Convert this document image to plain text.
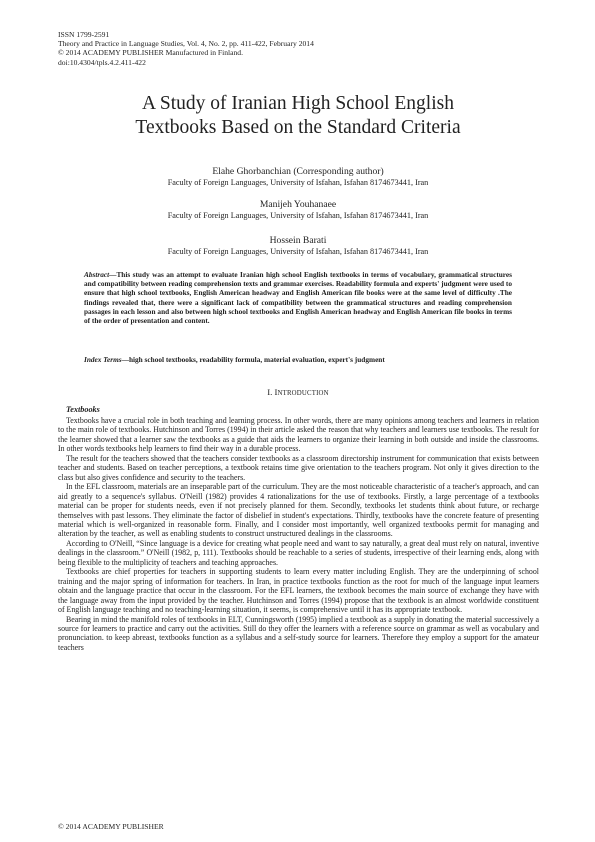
ISSN 1799-2591
Theory and Practice in Language Studies, Vol. 4, No. 2, pp. 411-422, February 2014
© 2014 ACADEMY PUBLISHER Manufactured in Finland.
doi:10.4304/tpls.4.2.411-422
A Study of Iranian High School English
Textbooks Based on the Standard Criteria
Elahe Ghorbanchian (Corresponding author)
Faculty of Foreign Languages, University of Isfahan, Isfahan 8174673441, Iran
Manijeh Youhanaee
Faculty of Foreign Languages, University of Isfahan, Isfahan 8174673441, Iran
Hossein Barati
Faculty of Foreign Languages, University of Isfahan, Isfahan 8174673441, Iran
Abstract—This study was an attempt to evaluate Iranian high school English textbooks in terms of vocabulary, grammatical structures and compatibility between reading comprehension texts and grammar exercises. Readability formula and experts' judgment were used to ensure that high school textbooks, English American headway and English American file books were at the same level of difficulty .The findings revealed that, there were a significant lack of compatibility between the grammatical structures and reading comprehension passages in each lesson and also between high school textbooks and English American headway and English American file books in terms of the order of presentation and content.
Index Terms—high school textbooks, readability formula, material evaluation, expert's judgment
I. INTRODUCTION
Textbooks

Textbooks have a crucial role in both teaching and learning process. In other words, there are many opinions among teachers and learners in relation to the main role of textbooks. Hutchinson and Torres (1994) in their article asked the reason that why teachers and learners use textbooks. The result for the learner showed that a learner saw the textbooks as a guide that aids the learners to organize their learning in both outside and inside the classrooms. In other words textbooks help learners to find their way in a durable process.

The result for the teachers showed that the teachers consider textbooks as a classroom directorship instrument for communication that exists between teacher and students. Based on teacher perceptions, a textbook retains time give orientation to the teachers program. Not only it gives direction to the class but also gives confidence and security to the teachers.

In the EFL classroom, materials are an inseparable part of the curriculum. They are the most noticeable characteristic of a teacher's approach, and can aid greatly to a sequence's syllabus. O'Neill (1982) provides 4 rationalizations for the use of textbooks. Firstly, a large percentage of a textbooks material can be proper for students needs, even if not precisely planned for them. Secondly, textbooks let students think about future, or recharge themselves with past lessons. They eliminate the factor of disbelief in student's expectations. Thirdly, textbooks have the concrete feature of presenting material which is well-organized in reasonable form. Finally, and I consider most importantly, well organized textbooks permit for managing and alteration by the teacher, as well as enabling students to construct unstructured dealings in the classrooms.

According to O'Neill, “Since language is a device for creating what people need and want to say naturally, a great deal must rely on natural, inventive dealings in the classroom.” O'Neill (1982, p, 111). Textbooks should be reachable to a series of students, irrespective of their learning ends, along with being flexible to the multiplicity of teachers and teaching approaches.

Textbooks are chief properties for teachers in supporting students to learn every matter including English. They are the underpinning of school training and the major spring of information for teachers. In Iran, in practice textbooks function as the root for much of the language input learners obtain and the language practice that occur in the classroom. For the EFL learners, the textbook becomes the main source of exchange they have with the language away from the input provided by the teacher. Hutchinson and Torres (1994) propose that the textbook is an almost worldwide constituent of English language teaching and no teaching-learning situation, it seems, is comprehensive until it has its appropriate textbook.

Bearing in mind the manifold roles of textbooks in ELT, Cunningsworth (1995) implied a textbook as a supply in donating the material successively a source for learners to practice and carry out the activities. Still do they offer the learners with a reference source on grammar as well as vocabulary and pronunciation. to keep abreast, textbooks function as a syllabus and a self-study source for learners. Therefore they employ a support for the amateur teachers

© 2014 ACADEMY PUBLISHER
